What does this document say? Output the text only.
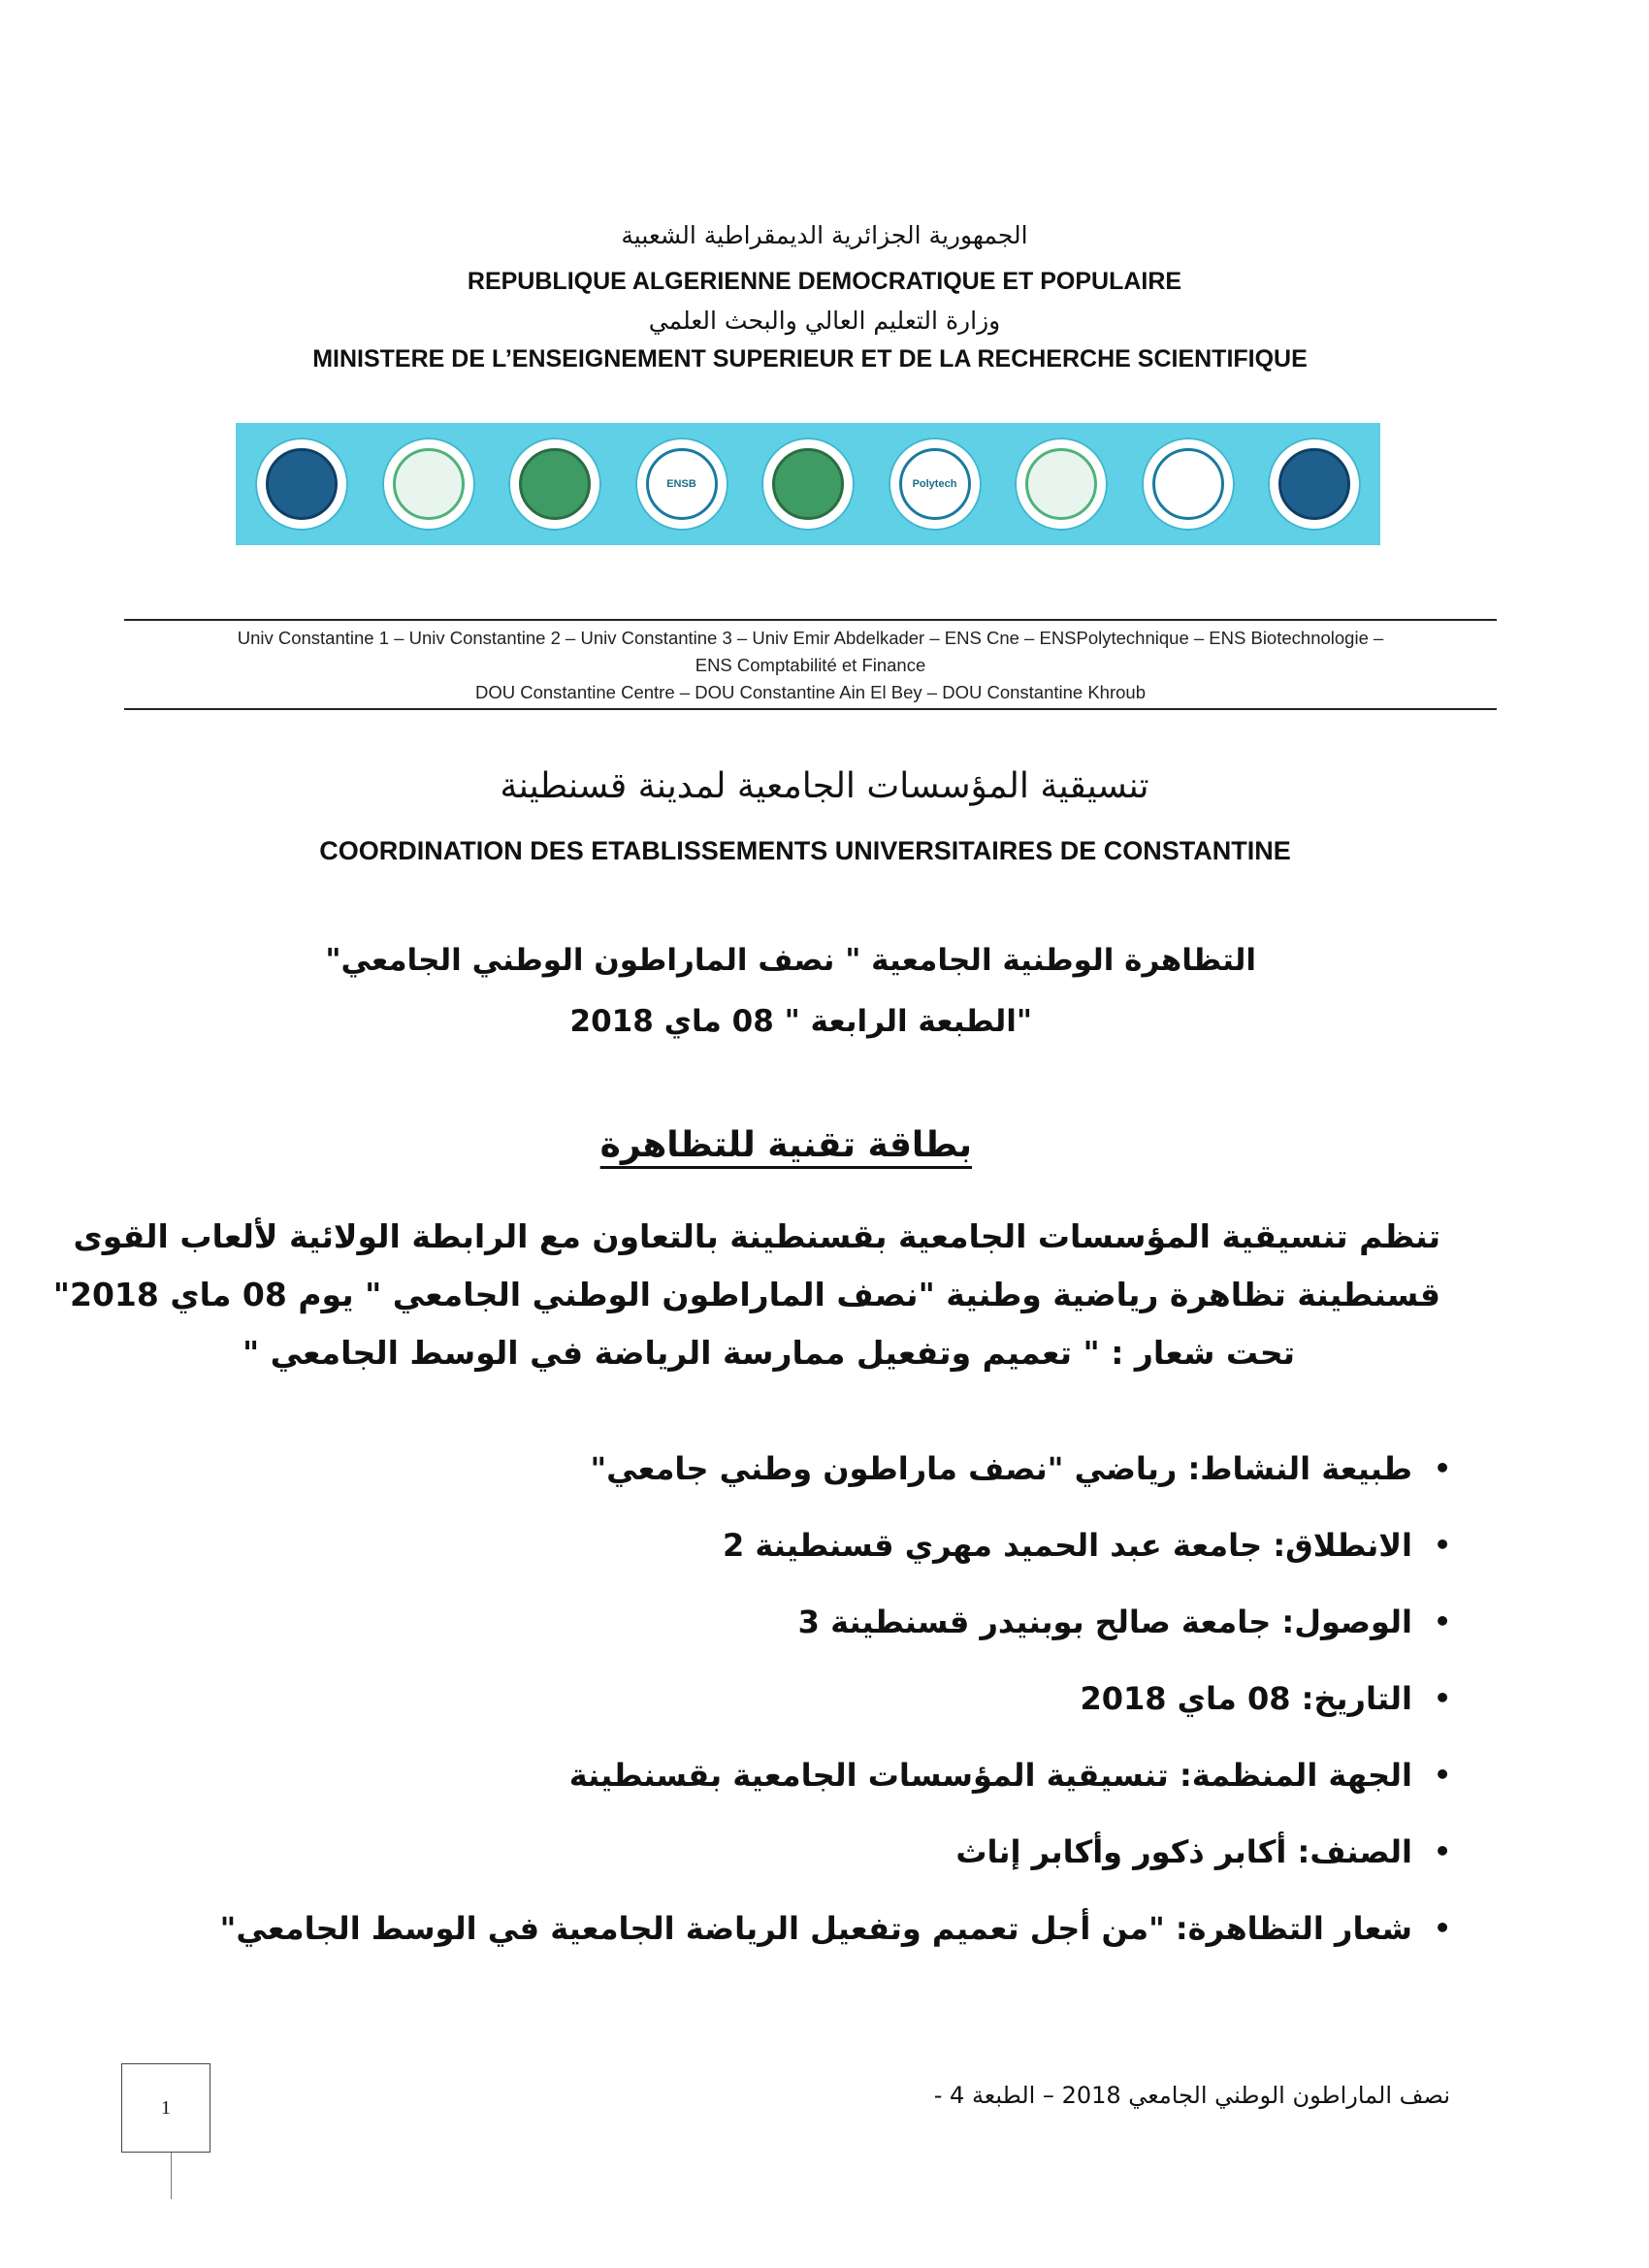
الجمهورية الجزائرية الديمقراطية الشعبية
REPUBLIQUE ALGERIENNE DEMOCRATIQUE ET POPULAIRE
وزارة التعليم العالي والبحث العلمي
MINISTERE DE L’ENSEIGNEMENT SUPERIEUR ET DE LA RECHERCHE SCIENTIFIQUE
ENSB	Polytech
Univ Constantine 1 – Univ Constantine 2 – Univ Constantine 3 – Univ Emir Abdelkader – ENS Cne – ENSPolytechnique – ENS Biotechnologie –
ENS Comptabilité et Finance
DOU Constantine Centre – DOU Constantine Ain El Bey – DOU Constantine Khroub
تنسيقية المؤسسات الجامعية لمدينة قسنطينة
COORDINATION DES ETABLISSEMENTS UNIVERSITAIRES DE CONSTANTINE
التظاهرة الوطنية الجامعية " نصف الماراطون الوطني الجامعي"
"الطبعة الرابعة " 08 ماي 2018
بطاقة تقنية للتظاهرة
تنظم تنسيقية المؤسسات الجامعية بقسنطينة بالتعاون مع الرابطة الولائية لألعاب القوى
قسنطينة تظاهرة رياضية وطنية "نصف الماراطون الوطني الجامعي " يوم 08 ماي 2018"
تحت شعار : " تعميم وتفعيل ممارسة الرياضة في الوسط الجامعي "
•
طبيعة النشاط: رياضي "نصف ماراطون وطني جامعي"
•
الانطلاق: جامعة عبد الحميد مهري قسنطينة 2
•
الوصول: جامعة صالح بوبنيدر قسنطينة 3
•
التاريخ: 08 ماي 2018
•
الجهة المنظمة: تنسيقية المؤسسات الجامعية بقسنطينة
•
الصنف: أكابر ذكور وأكابر إناث
•
شعار التظاهرة: "من أجل تعميم وتفعيل الرياضة الجامعية في الوسط الجامعي"
1	نصف الماراطون الوطني الجامعي 2018 – الطبعة 4 -
